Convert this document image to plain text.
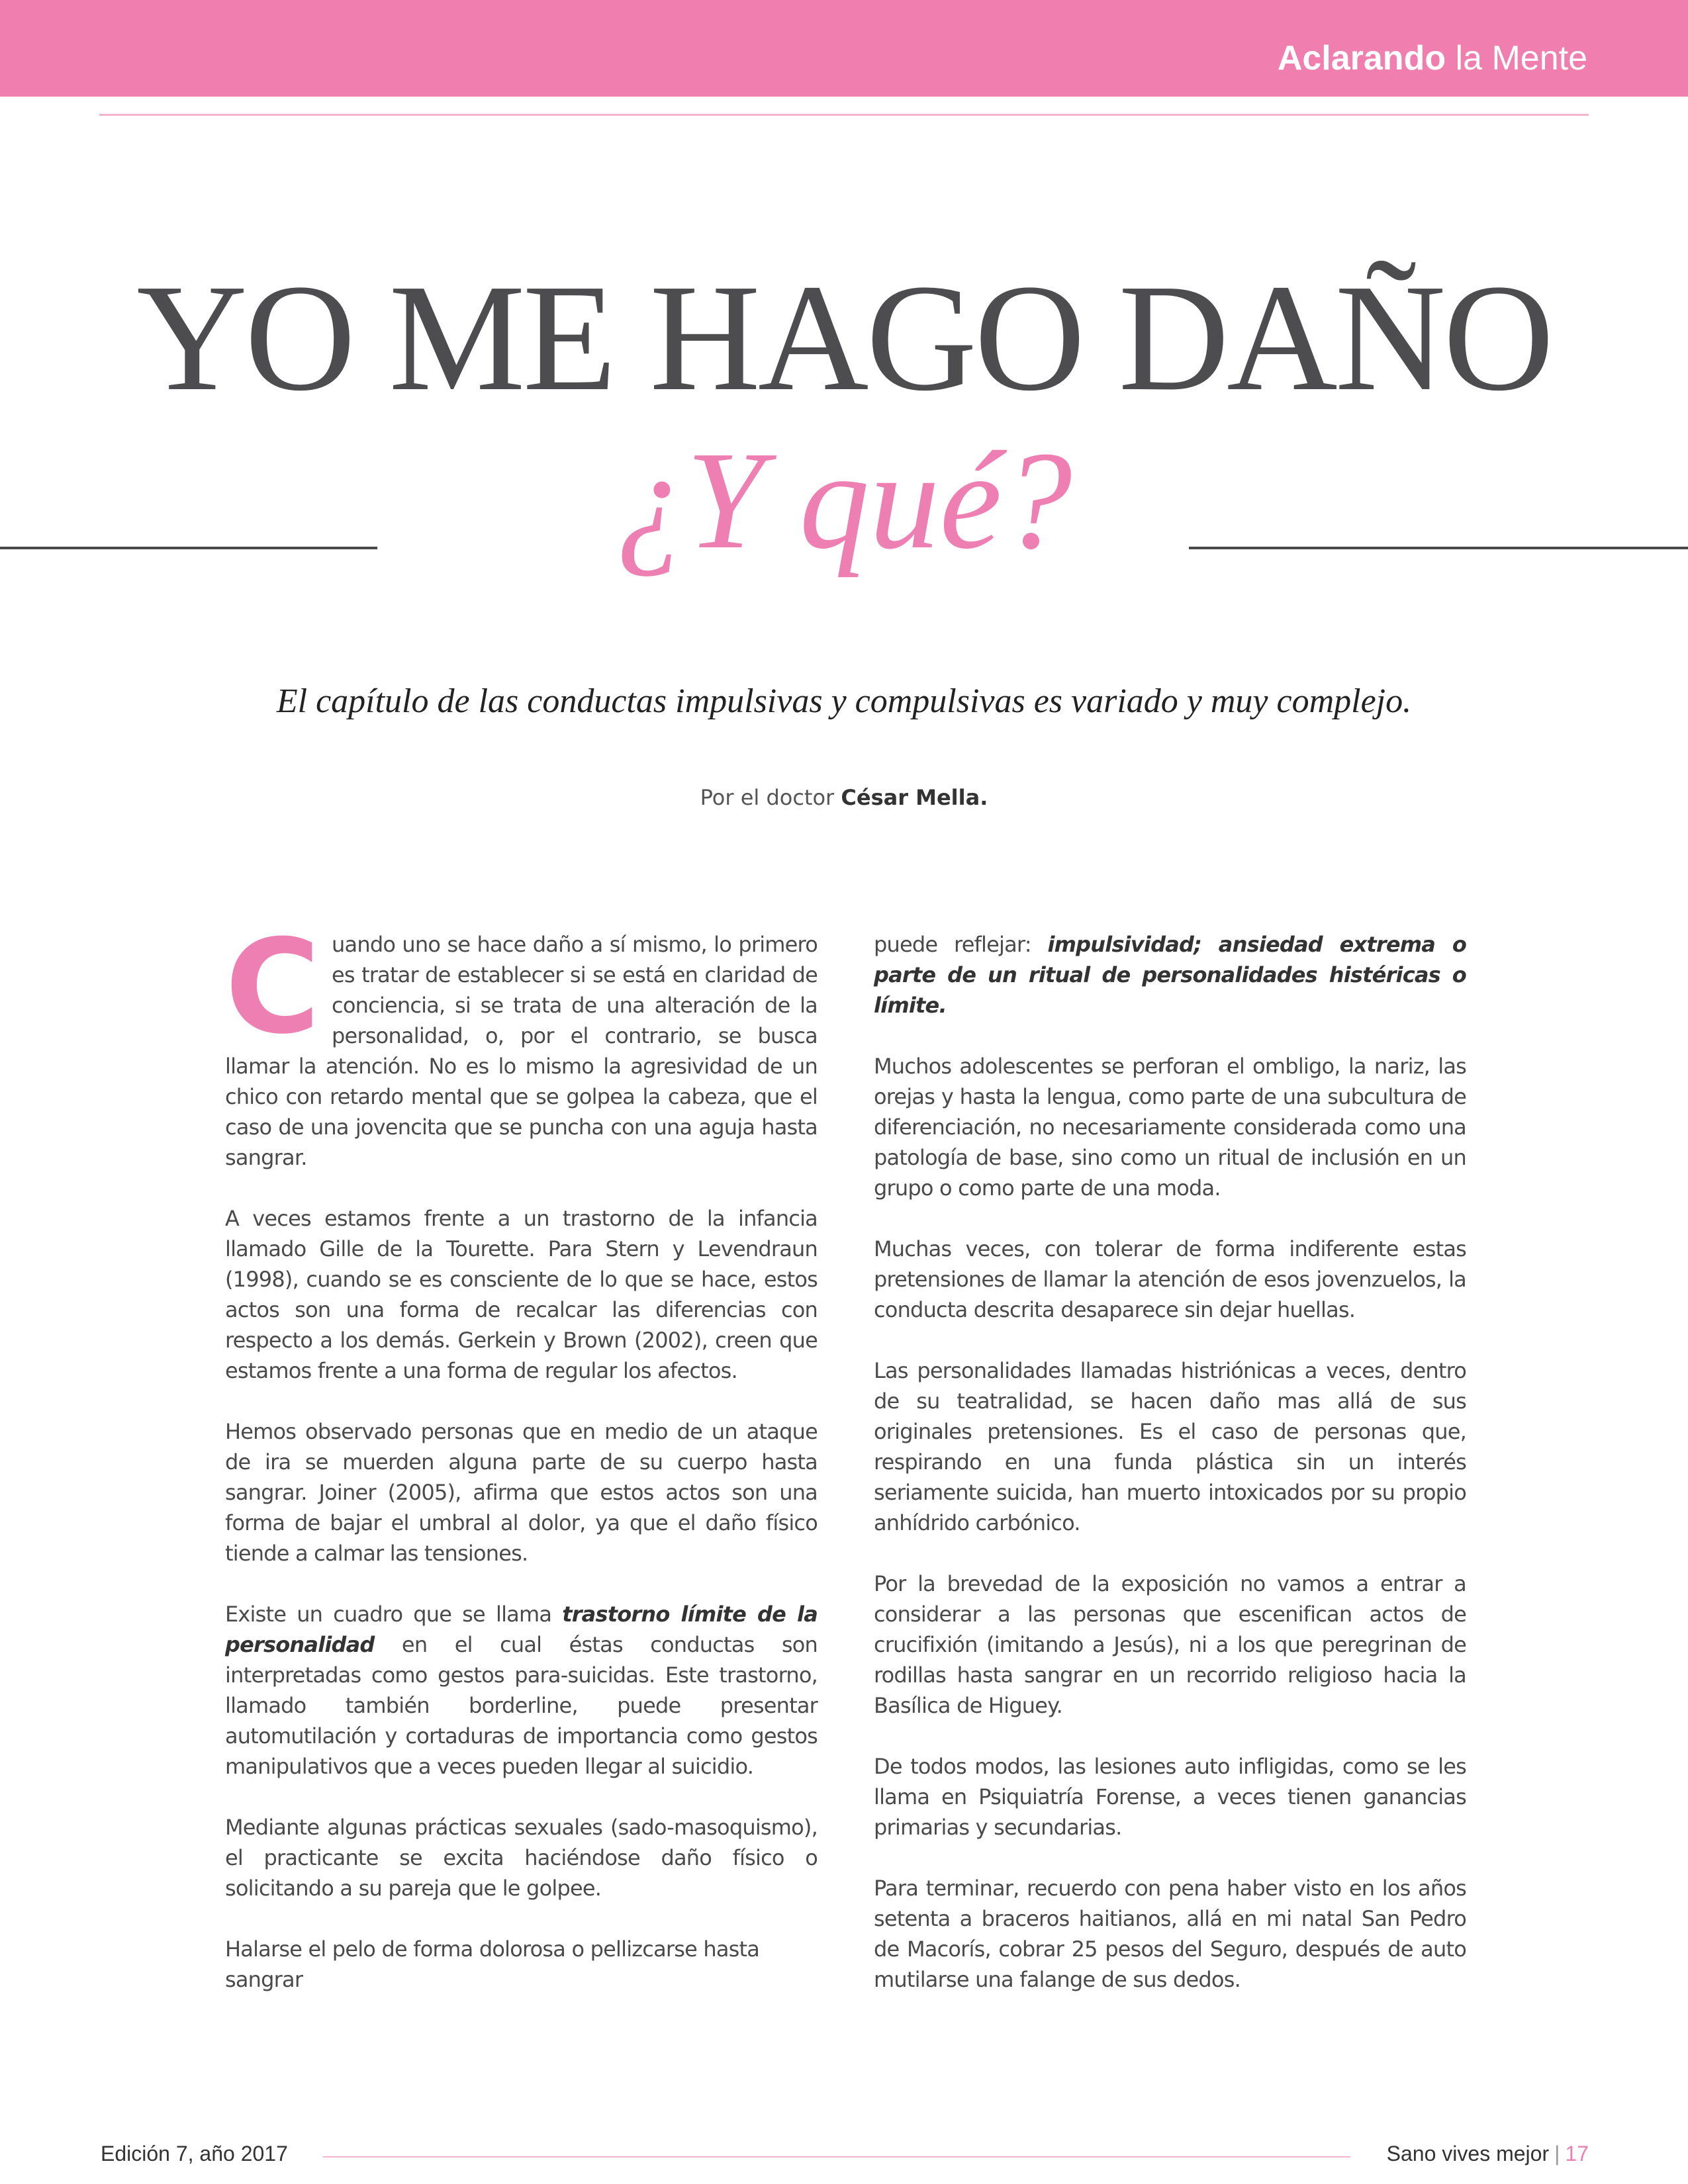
Aclarando la Mente
YO ME HAGO DAÑO
¿Y qué?
El capítulo de las conductas impulsivas y compulsivas es variado y muy complejo.
Por el doctor César Mella.

Cuando uno se hace daño a sí mismo, lo primero es tratar de establecer si se está en claridad de conciencia, si se trata de una alteración de la personalidad, o, por el contrario, se busca llamar la atención. No es lo mismo la agresividad de un chico con retardo mental que se golpea la cabeza, que el caso de una jovencita que se puncha con una aguja hasta sangrar.

A veces estamos frente a un trastorno de la infancia llamado Gille de la Tourette. Para Stern y Levendraun (1998), cuando se es consciente de lo que se hace, estos actos son una forma de recalcar las diferencias con respecto a los demás. Gerkein y Brown (2002), creen que estamos frente a una forma de regular los afectos.

Hemos observado personas que en medio de un ataque de ira se muerden alguna parte de su cuerpo hasta sangrar. Joiner (2005), afirma que estos actos son una forma de bajar el umbral al dolor, ya que el daño físico tiende a calmar las tensiones.

Existe un cuadro que se llama trastorno límite de la personalidad en el cual éstas conductas son interpretadas como gestos para-suicidas. Este trastorno, llamado también borderline, puede presentar automutilación y cortaduras de importancia como gestos manipulativos que a veces pueden llegar al suicidio.

Mediante algunas prácticas sexuales (sado-masoquismo), el practicante se excita haciéndose daño físico o solicitando a su pareja que le golpee.

Halarse el pelo de forma dolorosa o pellizcarse hasta sangrar

puede reflejar: impulsividad; ansiedad extrema o parte de un ritual de personalidades histéricas o límite.

Muchos adolescentes se perforan el ombligo, la nariz, las orejas y hasta la lengua, como parte de una subcultura de diferenciación, no necesariamente considerada como una patología de base, sino como un ritual de inclusión en un grupo o como parte de una moda.

Muchas veces, con tolerar de forma indiferente estas pretensiones de llamar la atención de esos jovenzuelos, la conducta descrita desaparece sin dejar huellas.

Las personalidades llamadas histriónicas a veces, dentro de su teatralidad, se hacen daño mas allá de sus originales pretensiones. Es el caso de personas que, respirando en una funda plástica sin un interés seriamente suicida, han muerto intoxicados por su propio anhídrido carbónico.

Por la brevedad de la exposición no vamos a entrar a considerar a las personas que escenifican actos de crucifixión (imitando a Jesús), ni a los que peregrinan de rodillas hasta sangrar en un recorrido religioso hacia la Basílica de Higuey.

De todos modos, las lesiones auto infligidas, como se les llama en Psiquiatría Forense, a veces tienen ganancias primarias y secundarias.

Para terminar, recuerdo con pena haber visto en los años setenta a braceros haitianos, allá en mi natal San Pedro de Macorís, cobrar 25 pesos del Seguro, después de auto mutilarse una falange de sus dedos.

Edición 7, año 2017	Sano vives mejor | 17
